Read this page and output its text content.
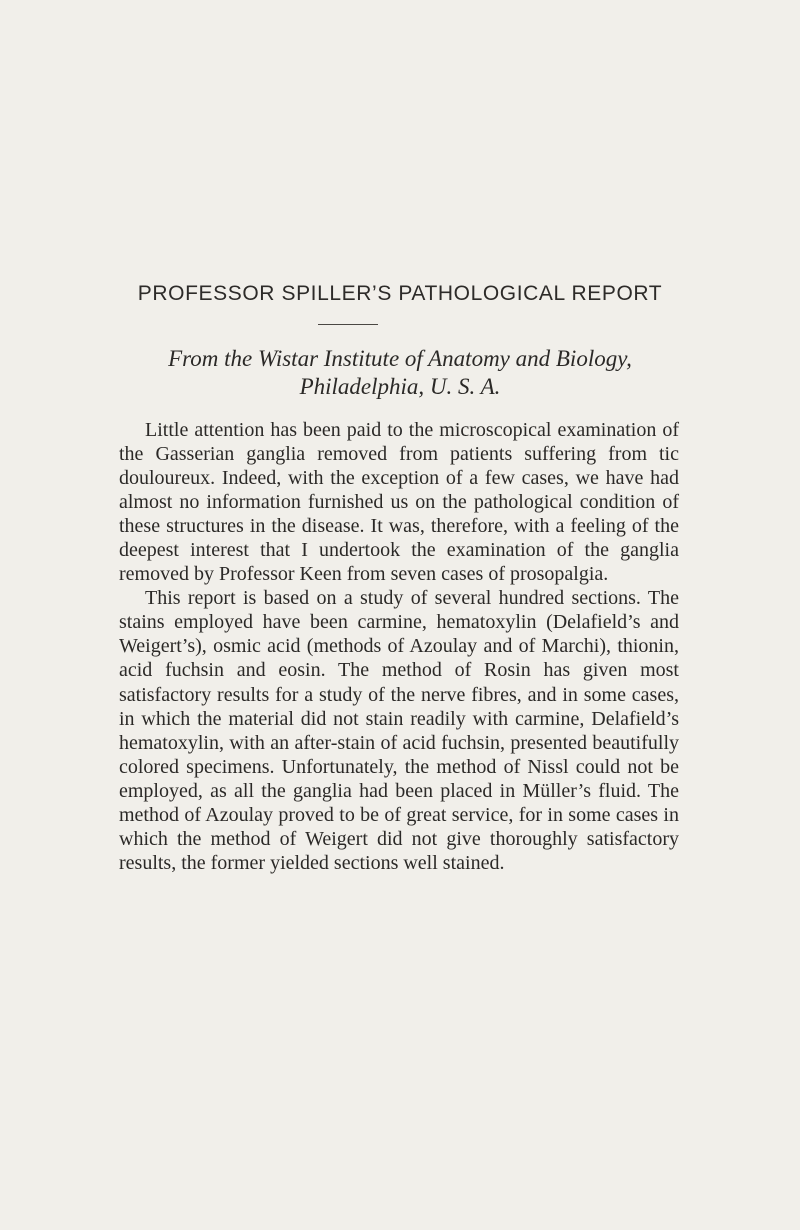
PROFESSOR SPILLER’S PATHOLOGICAL REPORT
From the Wistar Institute of Anatomy and Biology,
Philadelphia, U. S. A.

Little attention has been paid to the microscopical examination of the Gasserian ganglia removed from patients suffering from tic douloureux. Indeed, with the exception of a few cases, we have had almost no information furnished us on the pathological condition of these structures in the disease. It was, therefore, with a feeling of the deepest interest that I undertook the examination of the ganglia removed by Professor Keen from seven cases of prosopalgia.

This report is based on a study of several hundred sections. The stains employed have been carmine, hematoxylin (Delafield’s and Weigert’s), osmic acid (methods of Azoulay and of Marchi), thionin, acid fuchsin and eosin. The method of Rosin has given most satisfactory results for a study of the nerve fibres, and in some cases, in which the material did not stain readily with carmine, Delafield’s hematoxylin, with an after-stain of acid fuchsin, presented beautifully colored specimens. Unfortunately, the method of Nissl could not be employed, as all the ganglia had been placed in Müller’s fluid. The method of Azoulay proved to be of great service, for in some cases in which the method of Weigert did not give thoroughly satisfactory results, the former yielded sections well stained.
